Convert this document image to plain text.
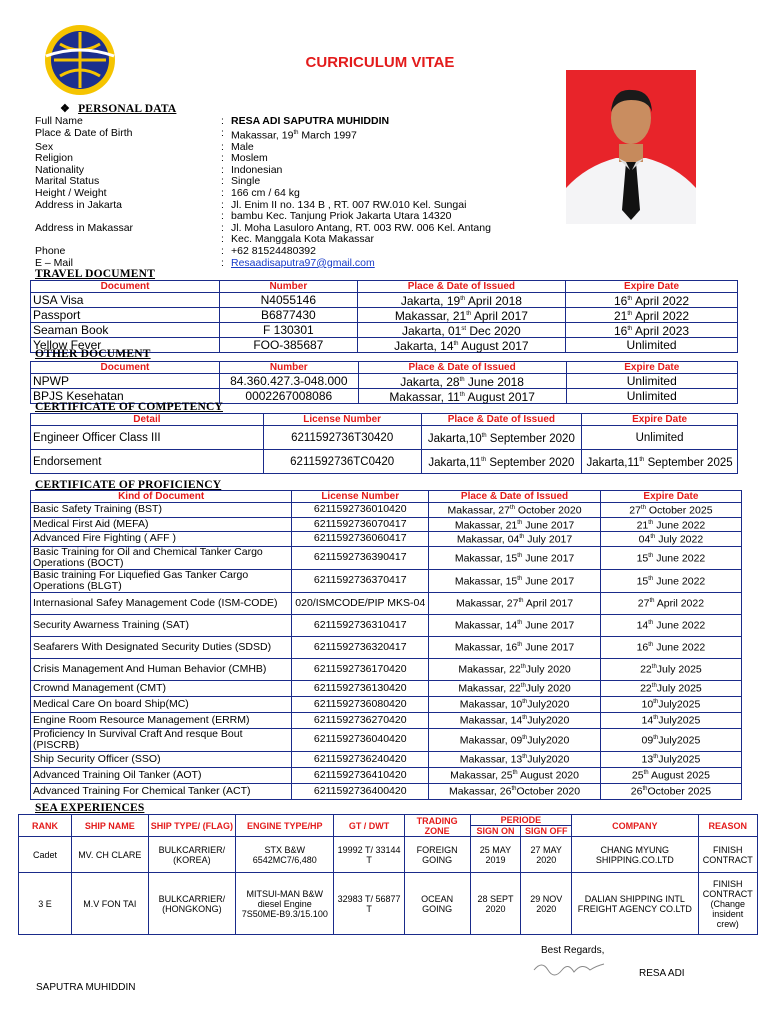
CURRICULUM VITAE
❖ PERSONAL DATA
Full Name	: RESA ADI SAPUTRA MUHIDDIN
Place & Date of Birth	: Makassar, 19th March 1997
Sex	: Male
Religion	: Moslem
Nationality	: Indonesian
Marital Status	: Single
Height / Weight	: 166 cm / 64 kg
Address in Jakarta	: Jl. Enim II no. 134 B , RT. 007 RW.010 Kel. Sungai
: bambu Kec. Tanjung Priok Jakarta Utara 14320
Address in Makassar	: Jl. Moha Lasuloro Antang, RT. 003 RW. 006 Kel. Antang
: Kec. Manggala Kota Makassar
Phone	: +62 81524480392
E – Mail	: Resaadisaputra97@gmail.com
TRAVEL DOCUMENT
Document	Number	Place & Date of Issued	Expire Date
USA Visa	N4055146	Jakarta, 19th April 2018	16th April 2022
Passport	B6877430	Makassar, 21th April 2017	21th April 2022
Seaman Book	F 130301	Jakarta, 01st Dec 2020	16th April 2023
Yellow Fever	FOO-385687	Jakarta, 14th August 2017	Unlimited
OTHER DOCUMENT
Document	Number	Place & Date of Issued	Expire Date
NPWP	84.360.427.3-048.000	Jakarta, 28th June 2018	Unlimited
BPJS Kesehatan	0002267008086	Makassar, 11th August 2017	Unlimited
CERTIFICATE OF COMPETENCY
Detail	License Number	Place & Date of Issued	Expire Date
Engineer Officer Class III	6211592736T30420	Jakarta,10th September 2020	Unlimited
Endorsement	6211592736TC0420	Jakarta,11th September 2020	Jakarta,11th September 2025
CERTIFICATE OF PROFICIENCY
Kind of Document	License Number	Place & Date of Issued	Expire Date
Basic Safety Training (BST)	6211592736010420	Makassar, 27th October 2020	27th October 2025
Medical First Aid (MEFA)	6211592736070417	Makassar, 21th June 2017	21th June 2022
Advanced Fire Fighting ( AFF )	6211592736060417	Makassar, 04th July 2017	04th July 2022
Basic Training for Oil and Chemical Tanker Cargo Operations (BOCT)	6211592736390417	Makassar, 15th June 2017	15th June 2022
Basic training For Liquefied Gas Tanker Cargo Operations (BLGT)	6211592736370417	Makassar, 15th June 2017	15th June 2022
Internasional Safey Management Code (ISM-CODE)	020/ISMCODE/PIP MKS-04	Makassar, 27th April 2017	27th April 2022
Security Awarness Training (SAT)	6211592736310417	Makassar, 14th June 2017	14th June 2022
Seafarers With Designated Security Duties (SDSD)	6211592736320417	Makassar, 16th June 2017	16th June 2022
Crisis Management And Human Behavior (CMHB)	6211592736170420	Makassar, 22thJuly 2020	22thJuly 2025
Crownd Management (CMT)	6211592736130420	Makassar, 22thJuly 2020	22thJuly 2025
Medical Care On board Ship(MC)	6211592736080420	Makassar, 10thJuly2020	10thJuly2025
Engine Room Resource Management (ERRM)	6211592736270420	Makassar, 14thJuly2020	14thJuly2025
Proficiency In Survival Craft And resque Bout (PISCRB)	6211592736040420	Makassar, 09thJuly2020	09thJuly2025
Ship Security Officer (SSO)	6211592736240420	Makassar, 13thJuly2020	13thJuly2025
Advanced Training Oil Tanker (AOT)	6211592736410420	Makassar, 25th August 2020	25th August 2025
Advanced Training For Chemical Tanker (ACT)	6211592736400420	Makassar, 26thOctober 2020	26thOctober 2025
SEA EXPERIENCES
RANK	SHIP NAME	SHIP TYPE/ (FLAG)	ENGINE TYPE/HP	GT / DWT	TRADING ZONE	PERIODE		COMPANY	REASON
						SIGN ON	SIGN OFF		
Cadet	MV. CH CLARE	BULKCARRIER/ (KOREA)	STX B&W 6542MC7/6,480	19992 T/ 33144 T	FOREIGN GOING	25 MAY 2019	27 MAY 2020	CHANG MYUNG SHIPPING.CO.LTD	FINISH CONTRACT
3 E	M.V FON TAI	BULKCARRIER/ (HONGKONG)	MITSUI-MAN B&W diesel Engine 7S50ME-B9.3/15.100	32983 T/ 56877 T	OCEAN GOING	28 SEPT 2020	29 NOV 2020	DALIAN SHIPPING INTL FREIGHT AGENCY CO.LTD	FINISH CONTRACT (Change insident crew)
Best Regards,
RESA ADI
SAPUTRA MUHIDDIN
